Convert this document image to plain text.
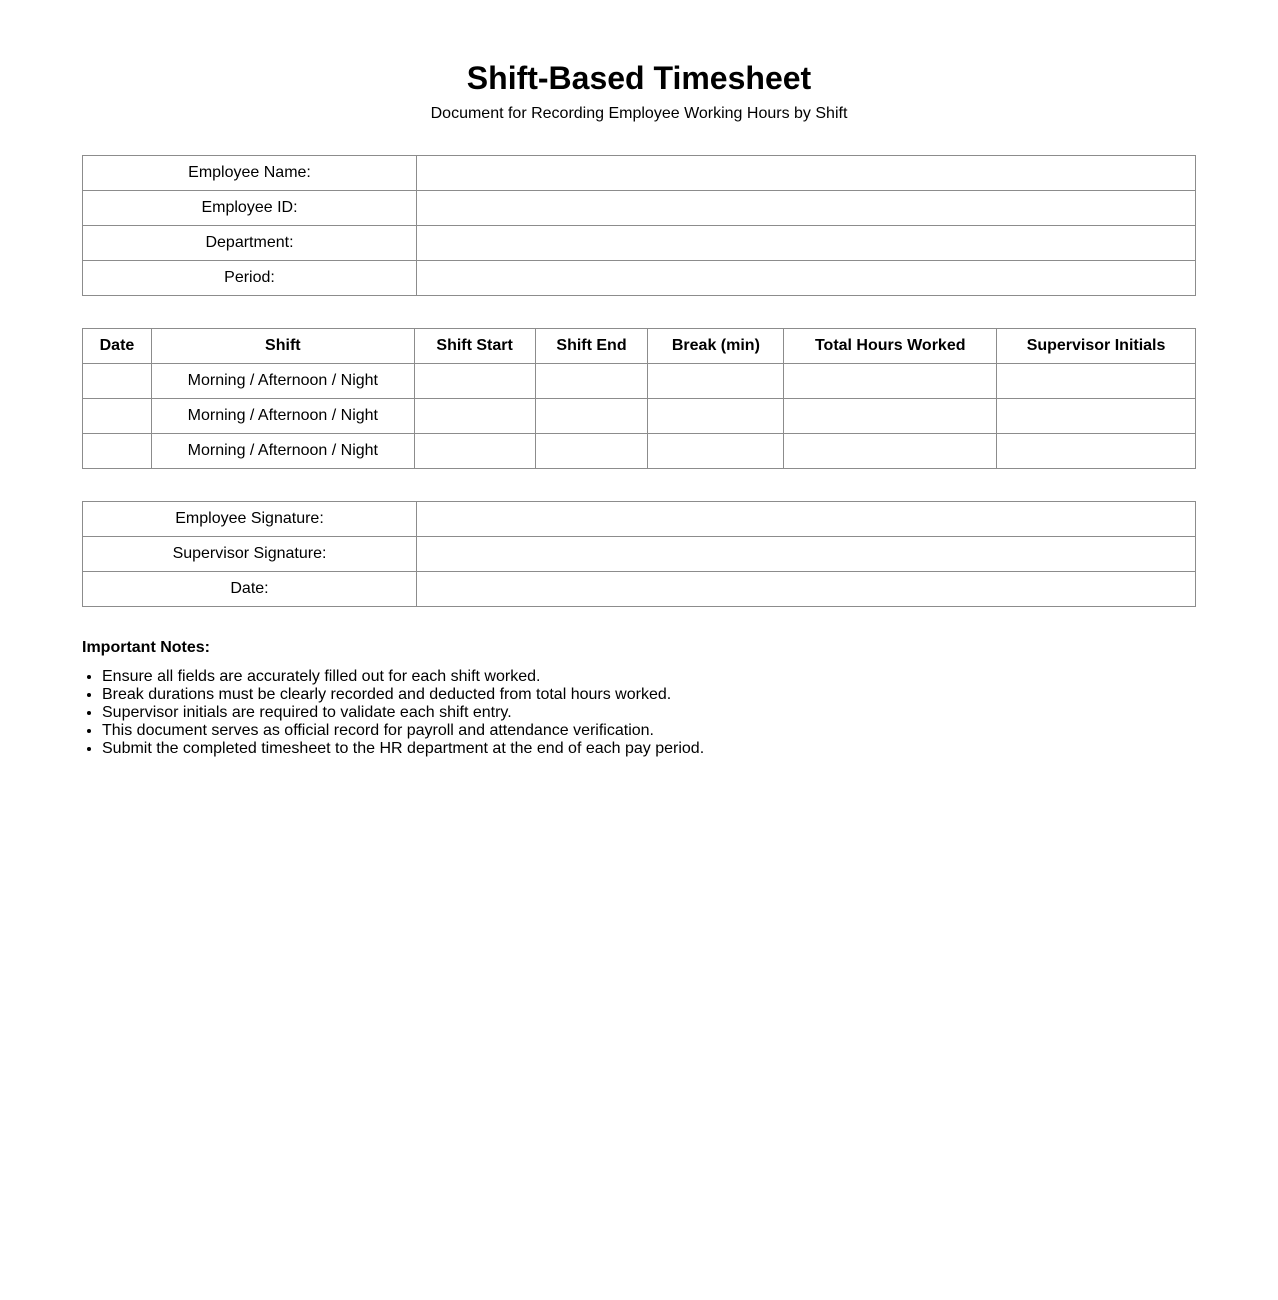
Shift-Based Timesheet
Document for Recording Employee Working Hours by Shift
Employee Name:	
Employee ID:	
Department:	
Period:	
Date	Shift	Shift Start	Shift End	Break (min)	Total Hours Worked	Supervisor Initials
	Morning / Afternoon / Night					
	Morning / Afternoon / Night					
	Morning / Afternoon / Night					
Employee Signature:	
Supervisor Signature:	
Date:	
Important Notes:
• Ensure all fields are accurately filled out for each shift worked.
• Break durations must be clearly recorded and deducted from total hours worked.
• Supervisor initials are required to validate each shift entry.
• This document serves as official record for payroll and attendance verification.
• Submit the completed timesheet to the HR department at the end of each pay period.
